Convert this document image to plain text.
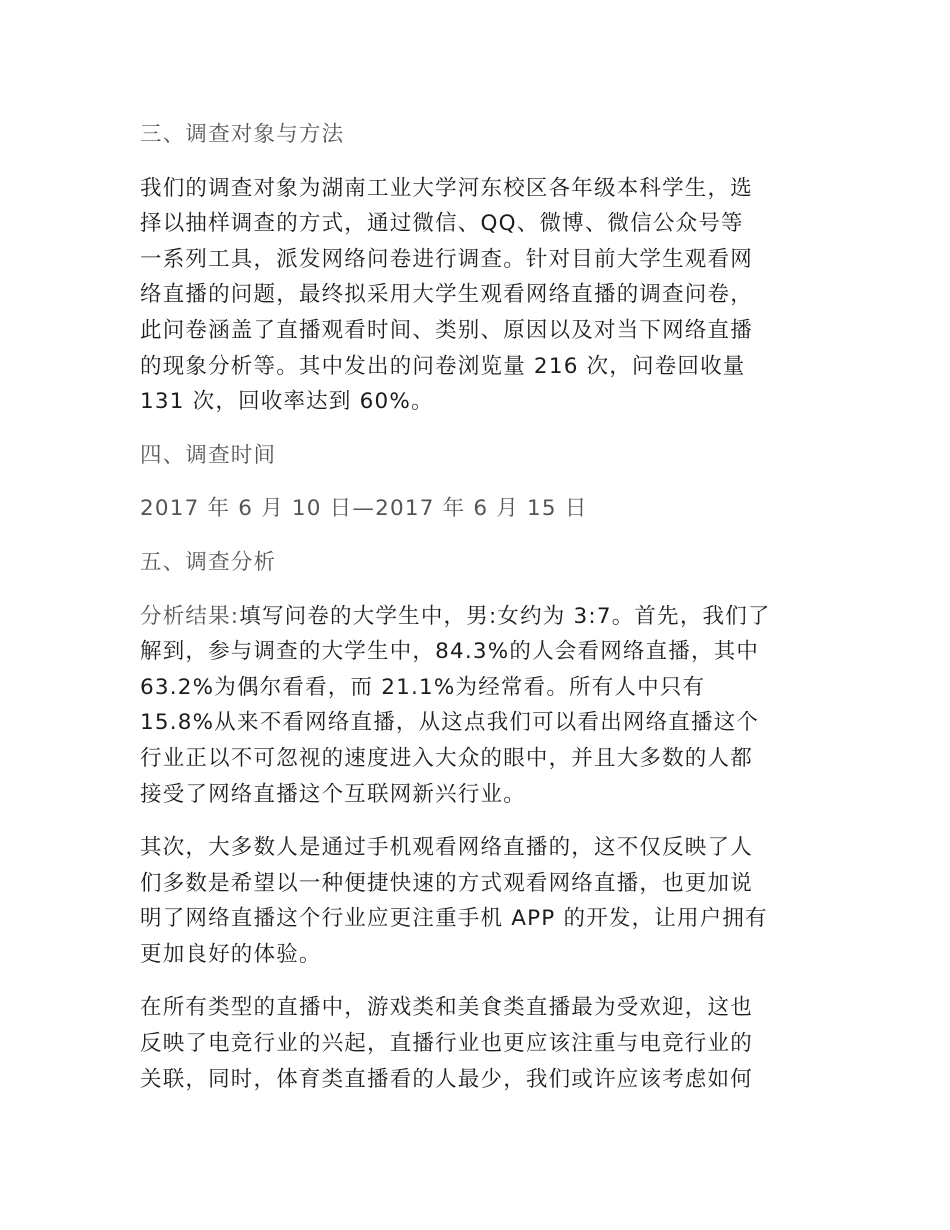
三、调查对象与方法
我们的调查对象为湖南工业大学河东校区各年级本科学生，选
择以抽样调查的方式，通过微信、QQ、微博、微信公众号等
一系列工具，派发网络问卷进行调查。针对目前大学生观看网
络直播的问题，最终拟采用大学生观看网络直播的调查问卷，
此问卷涵盖了直播观看时间、类别、原因以及对当下网络直播
的现象分析等。其中发出的问卷浏览量 216 次，问卷回收量
131 次，回收率达到 60%。
四、调查时间
2017 年 6 月 10 日—2017 年 6 月 15 日
五、调查分析
分析结果:填写问卷的大学生中，男:女约为 3:7。首先，我们了
解到，参与调查的大学生中，84.3%的人会看网络直播，其中
63.2%为偶尔看看，而 21.1%为经常看。所有人中只有
15.8%从来不看网络直播，从这点我们可以看出网络直播这个
行业正以不可忽视的速度进入大众的眼中，并且大多数的人都
接受了网络直播这个互联网新兴行业。
其次，大多数人是通过手机观看网络直播的，这不仅反映了人
们多数是希望以一种便捷快速的方式观看网络直播，也更加说
明了网络直播这个行业应更注重手机 APP 的开发，让用户拥有
更加良好的体验。
在所有类型的直播中，游戏类和美食类直播最为受欢迎，这也
反映了电竞行业的兴起，直播行业也更应该注重与电竞行业的
关联，同时，体育类直播看的人最少，我们或许应该考虑如何
